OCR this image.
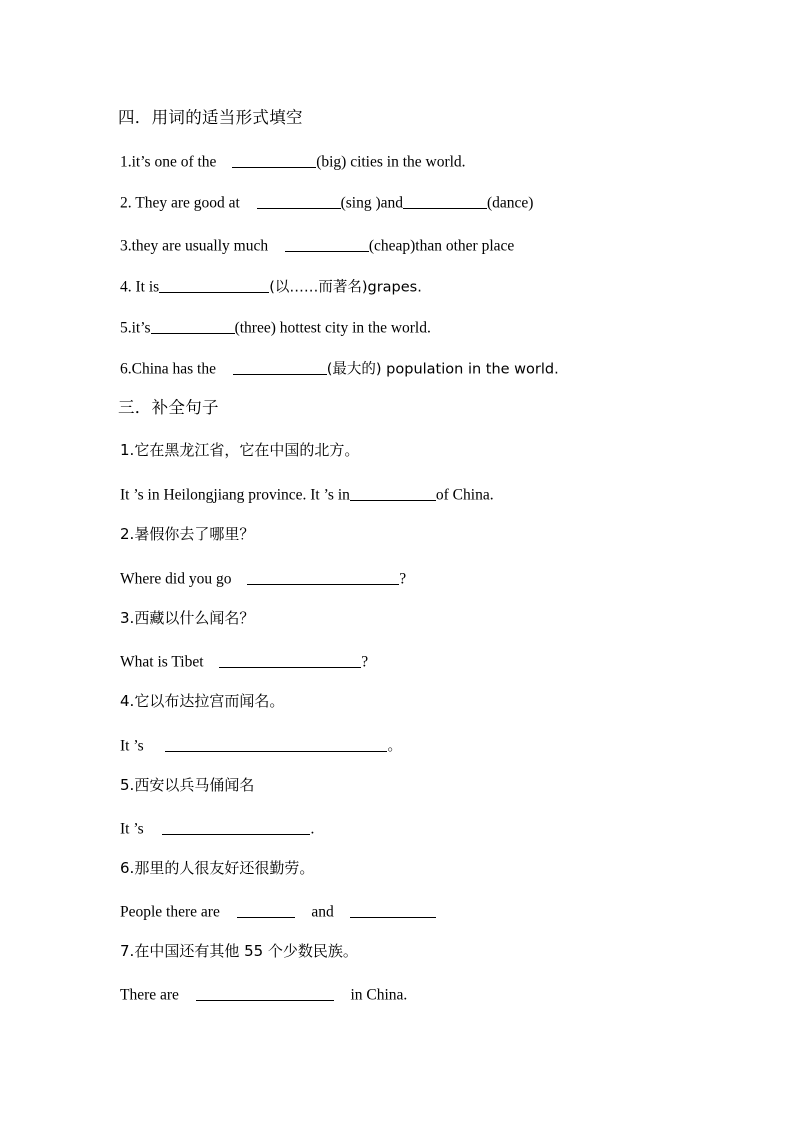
四．用词的适当形式填空
1.it’s one of the	(big) cities in the world.
2. They are good at	(sing )and	(dance)
3.they are usually much	(cheap)than other place
4. It is	(以……而著名)grapes.
5.it’s	(three) hottest city in the world.
6.China has the	(最大的) population in the world.
三．补全句子
1.它在黑龙江省，它在中国的北方。
It ’s in Heilongjiang province. It ’s in	of China.
2.暑假你去了哪里？
Where did you go	?
3.西藏以什么闻名？
What is Tibet	?
4.它以布达拉宫而闻名。
It ’s	。
5.西安以兵马俑闻名
It ’s	.
6.那里的人很友好还很勤劳。
People there are	and
7.在中国还有其他 55 个少数民族。
There are	in China.
